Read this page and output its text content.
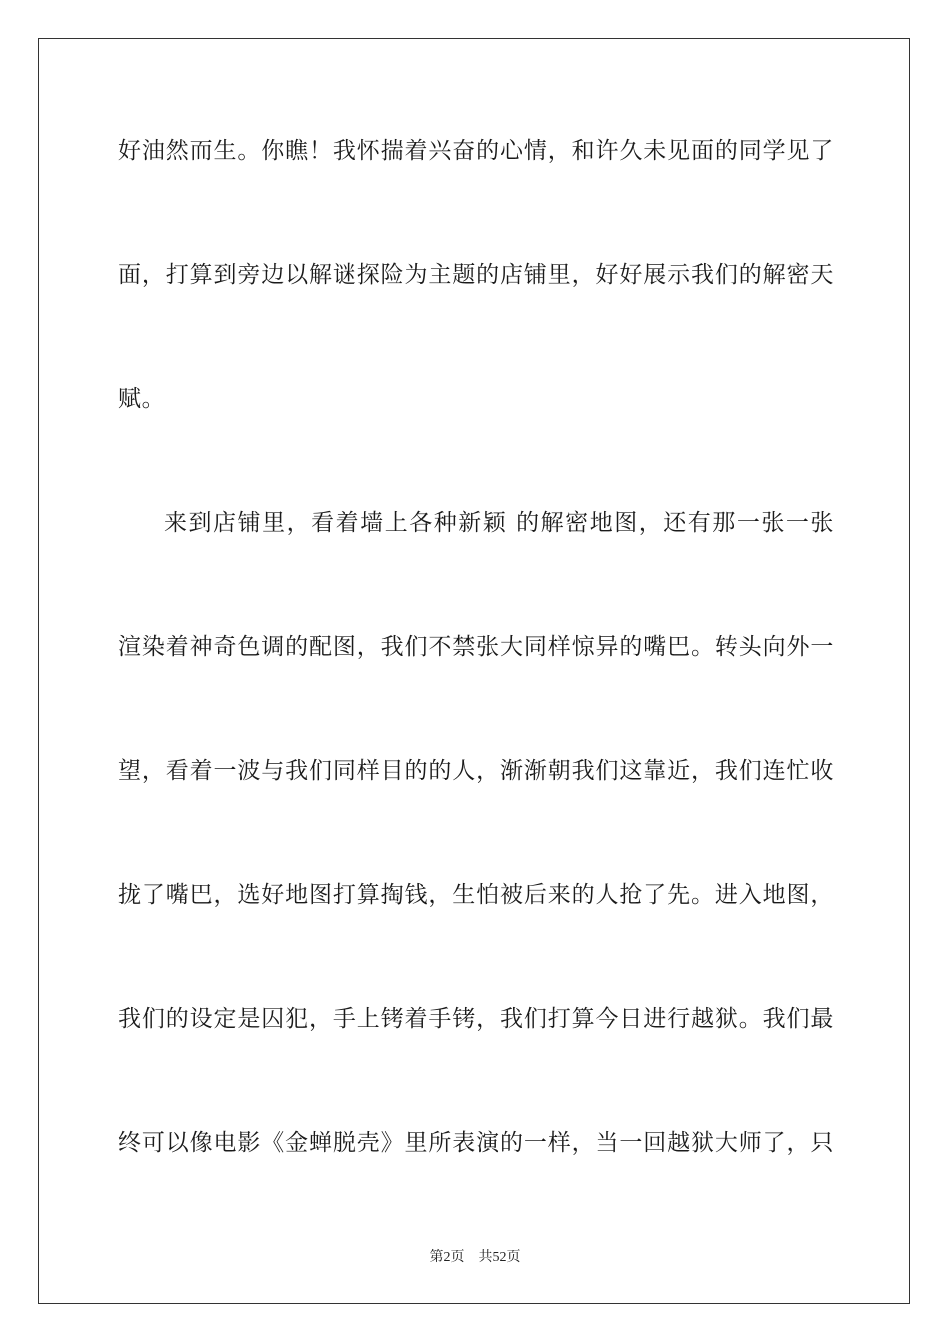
好油然而生。你瞧！我怀揣着兴奋的心情，和许久未见面的同学见了
面，打算到旁边以解谜探险为主题的店铺里，好好展示我们的解密天
赋。
来到店铺里，看着墙上各种新颖 的解密地图，还有那一张一张
渲染着神奇色调的配图，我们不禁张大同样惊异的嘴巴。转头向外一
望，看着一波与我们同样目的的人，渐渐朝我们这靠近，我们连忙收
拢了嘴巴，选好地图打算掏钱，生怕被后来的人抢了先。进入地图，
我们的设定是囚犯，手上铐着手铐，我们打算今日进行越狱。我们最
终可以像电影《金蝉脱壳》里所表演的一样，当一回越狱大师了，只
第2页 共52页
